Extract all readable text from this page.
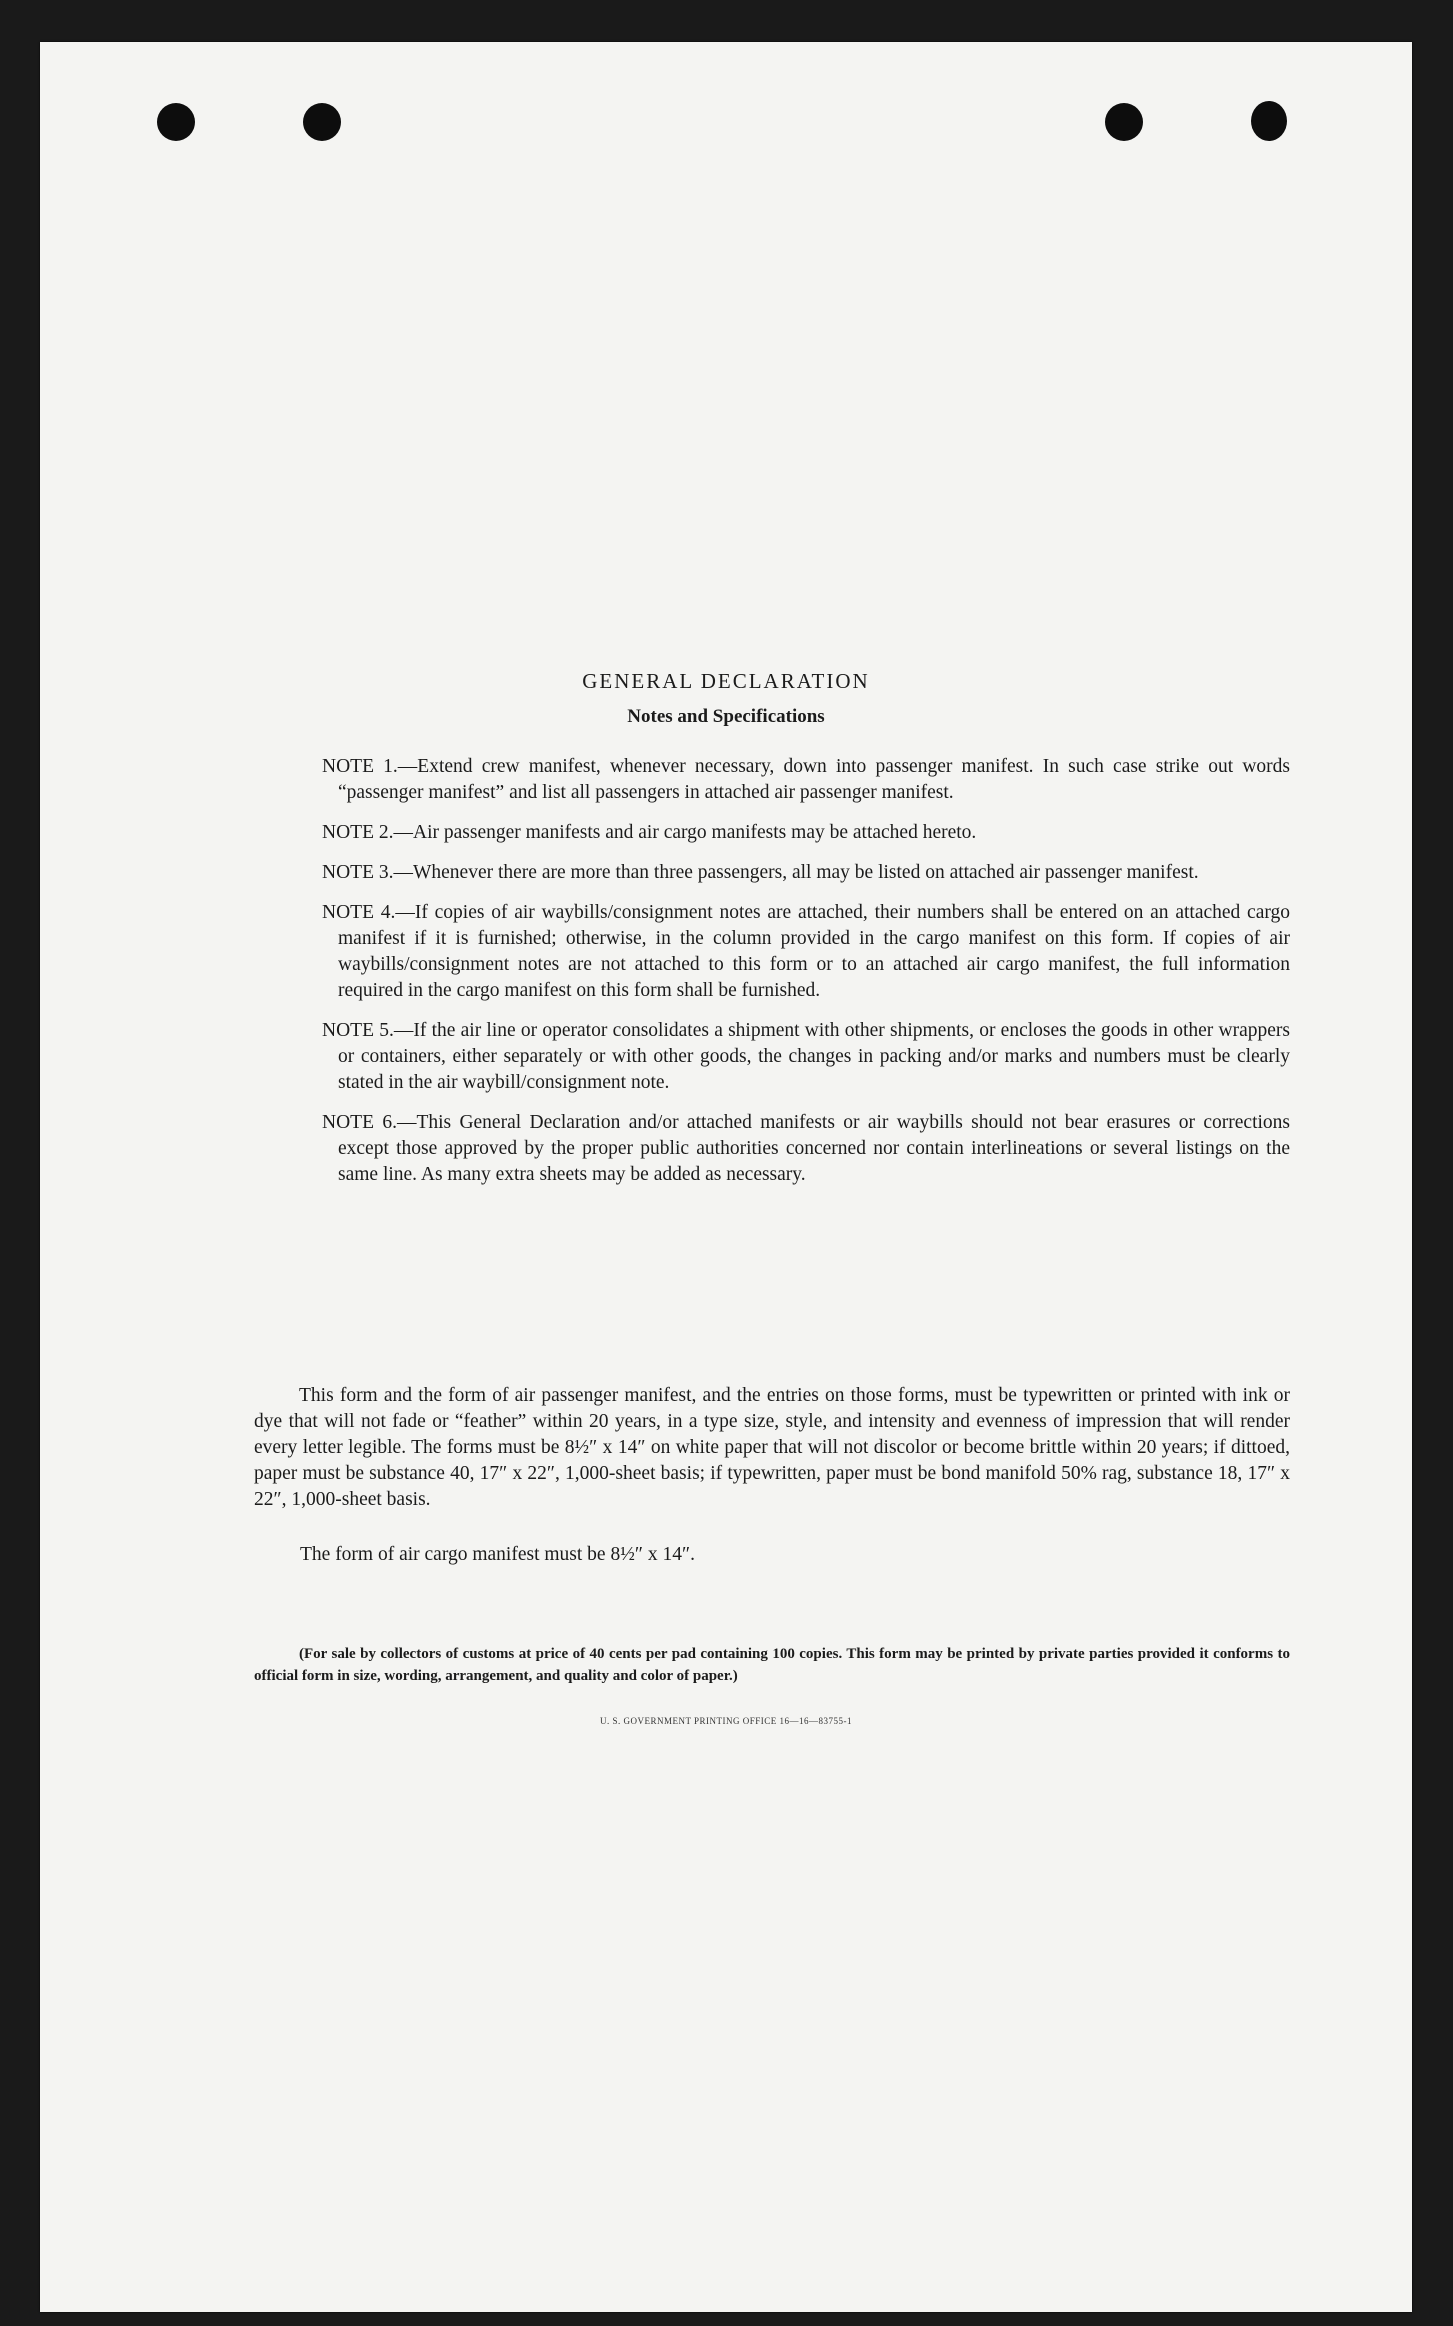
GENERAL DECLARATION
Notes and Specifications

NOTE 1.—Extend crew manifest, whenever necessary, down into passenger manifest. In such case strike out words “passenger manifest” and list all passengers in attached air passenger manifest.

NOTE 2.—Air passenger manifests and air cargo manifests may be attached hereto.

NOTE 3.—Whenever there are more than three passengers, all may be listed on attached air passenger manifest.

NOTE 4.—If copies of air waybills/consignment notes are attached, their numbers shall be entered on an attached cargo manifest if it is furnished; otherwise, in the column provided in the cargo manifest on this form. If copies of air waybills/consignment notes are not attached to this form or to an attached air cargo manifest, the full information required in the cargo manifest on this form shall be furnished.

NOTE 5.—If the air line or operator consolidates a shipment with other shipments, or encloses the goods in other wrappers or containers, either separately or with other goods, the changes in packing and/or marks and numbers must be clearly stated in the air waybill/consignment note.

NOTE 6.—This General Declaration and/or attached manifests or air waybills should not bear erasures or corrections except those approved by the proper public authorities concerned nor contain interlineations or several listings on the same line. As many extra sheets may be added as necessary.

This form and the form of air passenger manifest, and the entries on those forms, must be typewritten or printed with ink or dye that will not fade or “feather” within 20 years, in a type size, style, and intensity and evenness of impression that will render every letter legible. The forms must be 8½″ x 14″ on white paper that will not discolor or become brittle within 20 years; if dittoed, paper must be substance 40, 17″ x 22″, 1,000-sheet basis; if typewritten, paper must be bond manifold 50% rag, substance 18, 17″ x 22″, 1,000-sheet basis.

The form of air cargo manifest must be 8½″ x 14″.

(For sale by collectors of customs at price of 40 cents per pad containing 100 copies. This form may be printed by private parties provided it conforms to official form in size, wording, arrangement, and quality and color of paper.)

U. S. GOVERNMENT PRINTING OFFICE 16—16—83755-1
